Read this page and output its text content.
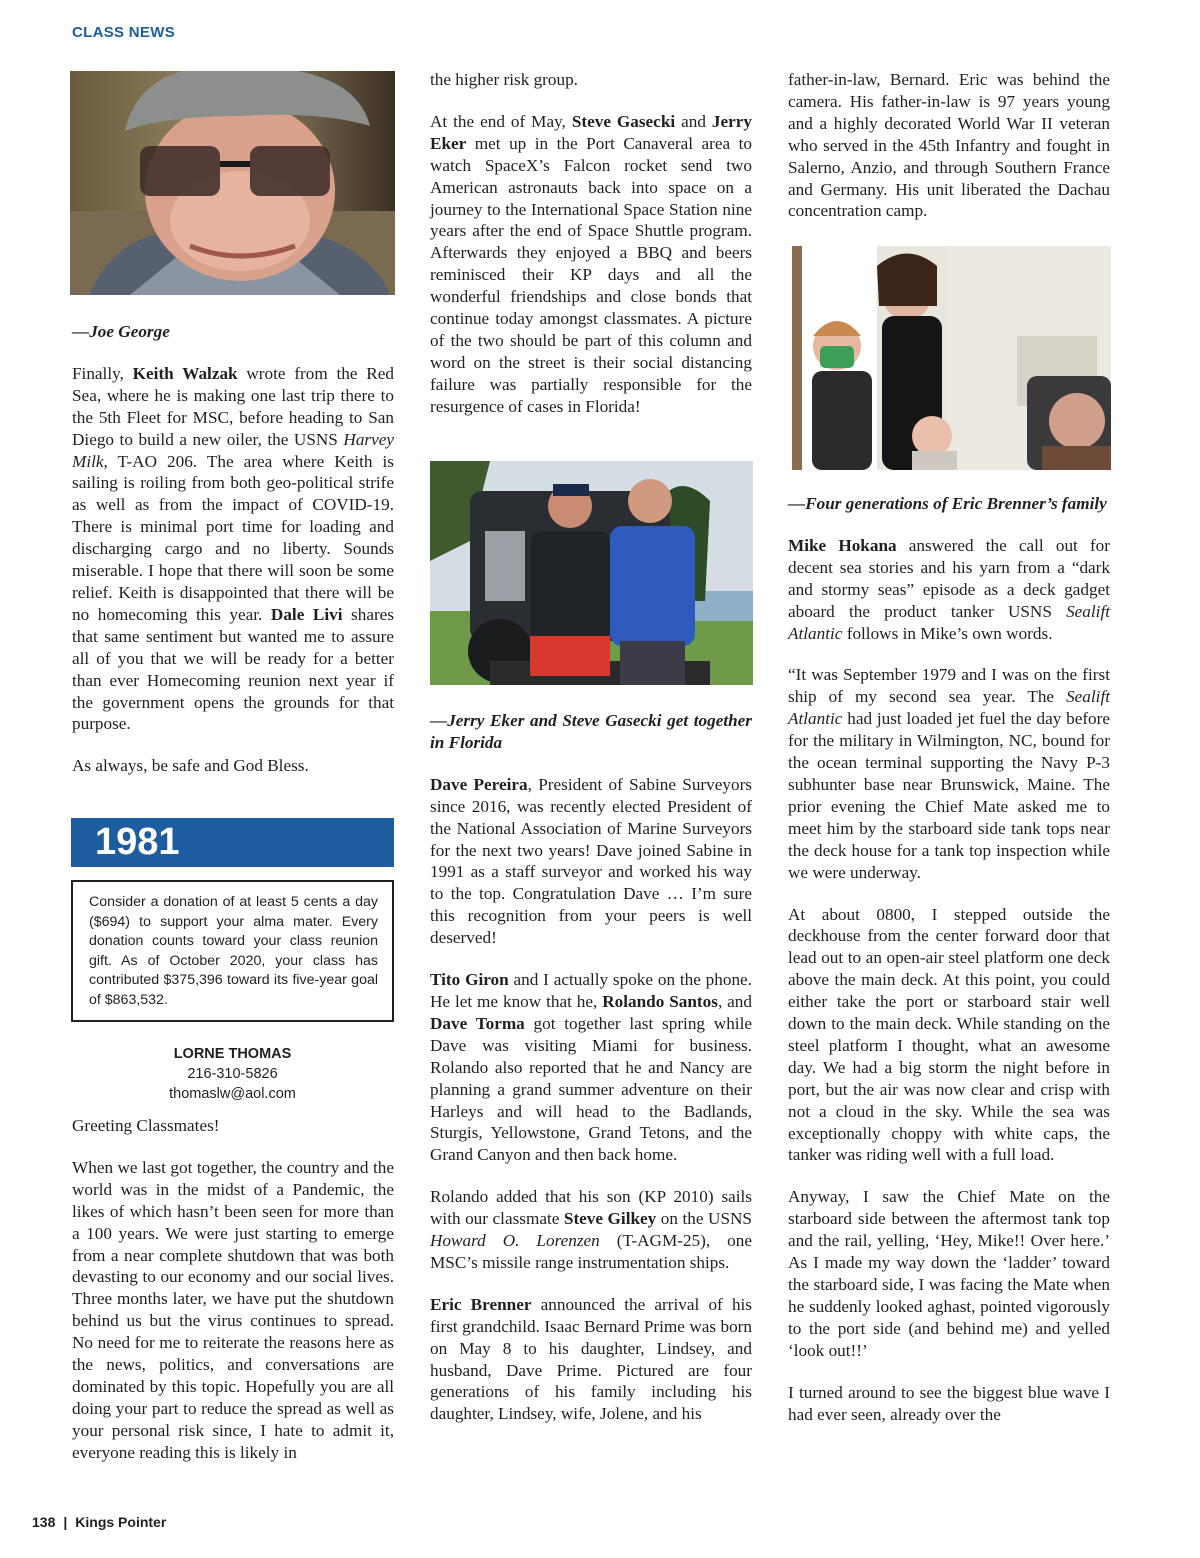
CLASS NEWS

—Joe George

Finally, Keith Walzak wrote from the Red Sea, where he is making one last trip there to the 5th Fleet for MSC, before heading to San Diego to build a new oiler, the USNS Harvey Milk, T-AO 206. The area where Keith is sailing is roiling from both geo-political strife as well as from the impact of COVID-19. There is minimal port time for loading and discharging cargo and no liberty. Sounds miserable. I hope that there will soon be some relief. Keith is disappointed that there will be no homecoming this year. Dale Livi shares that same sentiment but wanted me to assure all of you that we will be ready for a better than ever Homecoming reunion next year if the government opens the grounds for that purpose.

As always, be safe and God Bless.

1981
Consider a donation of at least 5 cents a day ($694) to support your alma mater. Every donation counts toward your class reunion gift. As of October 2020, your class has contributed $375,396 toward its five-year goal of $863,532.
LORNE THOMAS
216-310-5826
thomaslw@aol.com

Greeting Classmates!

When we last got together, the country and the world was in the midst of a Pandemic, the likes of which hasn’t been seen for more than a 100 years. We were just starting to emerge from a near complete shutdown that was both devasting to our economy and our social lives. Three months later, we have put the shutdown behind us but the virus continues to spread. No need for me to reiterate the reasons here as the news, politics, and conversations are dominated by this topic. Hopefully you are all doing your part to reduce the spread as well as your personal risk since, I hate to admit it, everyone reading this is likely in

the higher risk group.

At the end of May, Steve Gasecki and Jerry Eker met up in the Port Canaveral area to watch SpaceX’s Falcon rocket send two American astronauts back into space on a journey to the International Space Station nine years after the end of Space Shuttle program. Afterwards they enjoyed a BBQ and beers reminisced their KP days and all the wonderful friendships and close bonds that continue today amongst classmates. A picture of the two should be part of this column and word on the street is their social distancing failure was partially responsible for the resurgence of cases in Florida!

—Jerry Eker and Steve Gasecki get together in Florida

Dave Pereira, President of Sabine Surveyors since 2016, was recently elected President of the National Association of Marine Surveyors for the next two years! Dave joined Sabine in 1991 as a staff surveyor and worked his way to the top. Congratulation Dave … I’m sure this recognition from your peers is well deserved!

Tito Giron and I actually spoke on the phone. He let me know that he, Rolando Santos, and Dave Torma got together last spring while Dave was visiting Miami for business. Rolando also reported that he and Nancy are planning a grand summer adventure on their Harleys and will head to the Badlands, Sturgis, Yellowstone, Grand Tetons, and the Grand Canyon and then back home.

Rolando added that his son (KP 2010) sails with our classmate Steve Gilkey on the USNS Howard O. Lorenzen (T-AGM-25), one MSC’s missile range instrumentation ships.

Eric Brenner announced the arrival of his first grandchild. Isaac Bernard Prime was born on May 8 to his daughter, Lindsey, and husband, Dave Prime. Pictured are four generations of his family including his daughter, Lindsey, wife, Jolene, and his

father-in-law, Bernard. Eric was behind the camera. His father-in-law is 97 years young and a highly decorated World War II veteran who served in the 45th Infantry and fought in Salerno, Anzio, and through Southern France and Germany. His unit liberated the Dachau concentration camp.

—Four generations of Eric Brenner’s family

Mike Hokana answered the call out for decent sea stories and his yarn from a “dark and stormy seas” episode as a deck gadget aboard the product tanker USNS Sealift Atlantic follows in Mike’s own words.

“It was September 1979 and I was on the first ship of my second sea year. The Sealift Atlantic had just loaded jet fuel the day before for the military in Wilmington, NC, bound for the ocean terminal supporting the Navy P-3 subhunter base near Brunswick, Maine. The prior evening the Chief Mate asked me to meet him by the starboard side tank tops near the deck house for a tank top inspection while we were underway.

At about 0800, I stepped outside the deckhouse from the center forward door that lead out to an open-air steel platform one deck above the main deck. At this point, you could either take the port or starboard stair well down to the main deck. While standing on the steel platform I thought, what an awesome day. We had a big storm the night before in port, but the air was now clear and crisp with not a cloud in the sky. While the sea was exceptionally choppy with white caps, the tanker was riding well with a full load.

Anyway, I saw the Chief Mate on the starboard side between the aftermost tank top and the rail, yelling, ‘Hey, Mike!! Over here.’ As I made my way down the ‘ladder’ toward the starboard side, I was facing the Mate when he suddenly looked aghast, pointed vigorously to the port side (and behind me) and yelled ‘look out!!’

I turned around to see the biggest blue wave I had ever seen, already over the

138 | Kings Pointer
